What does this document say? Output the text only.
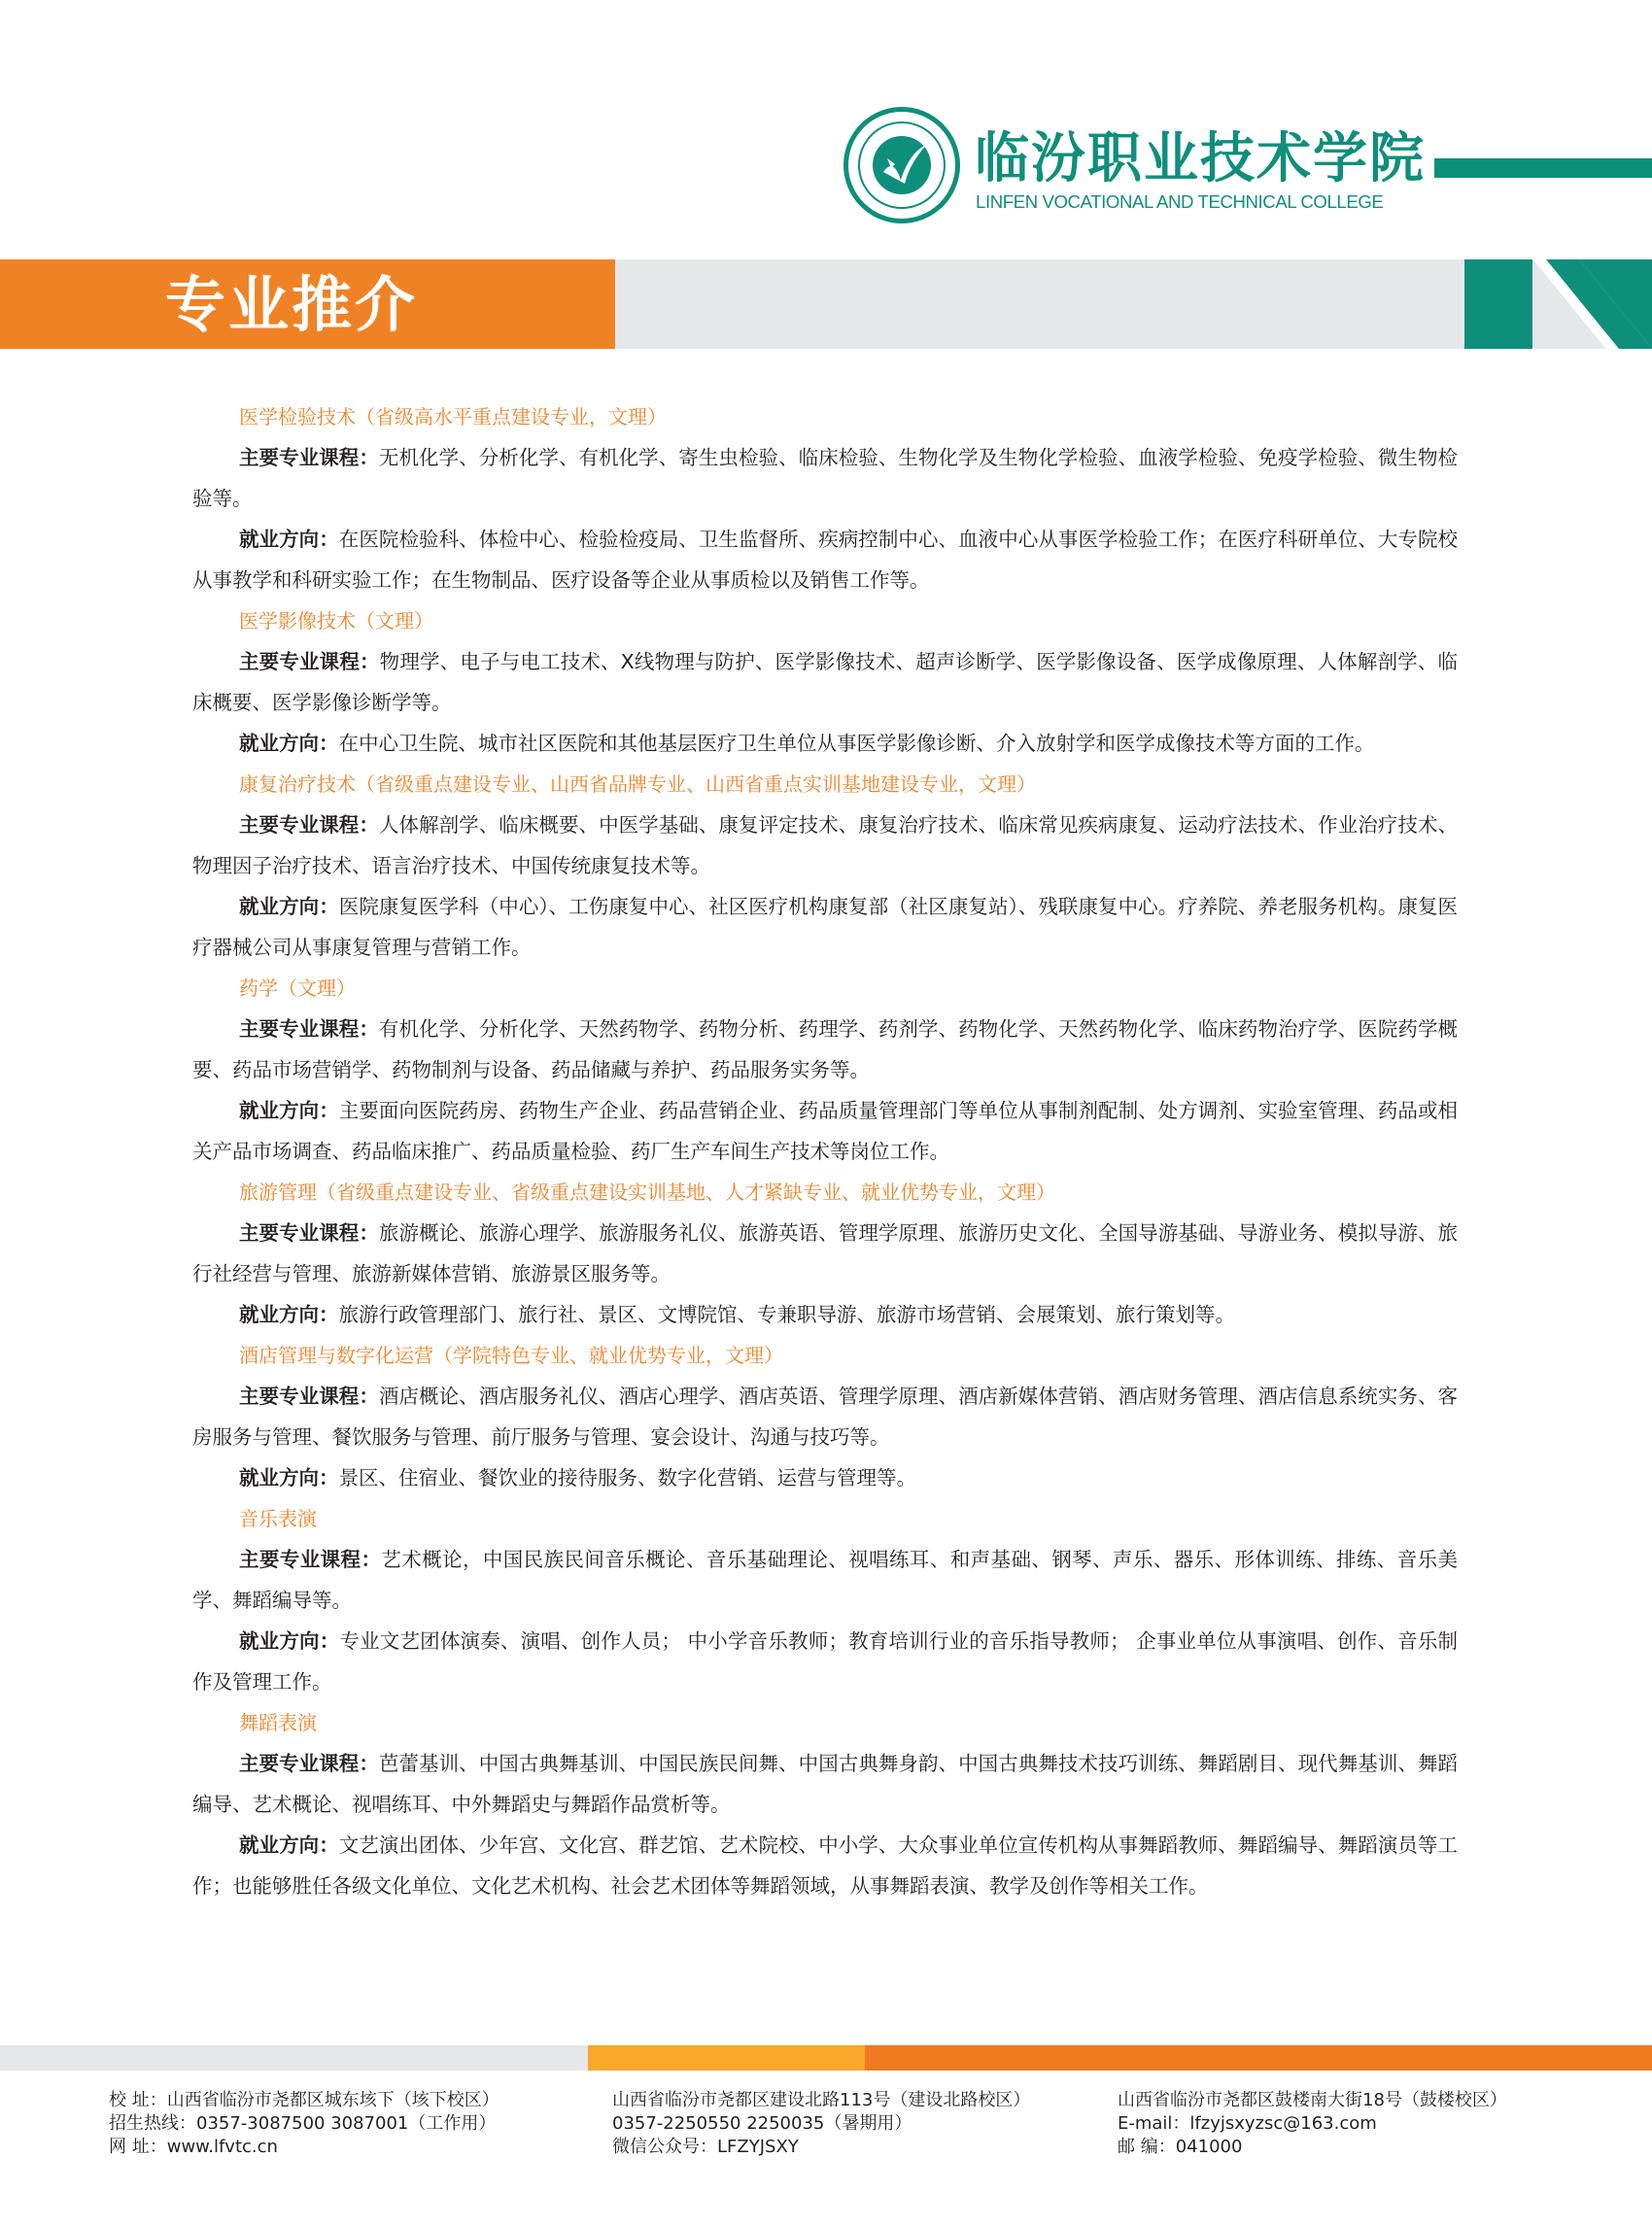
临汾职业技术学院
LINFEN VOCATIONAL AND TECHNICAL COLLEGE
专业推介
医学检验技术（省级高水平重点建设专业，文理）

主要专业课程：无机化学、分析化学、有机化学、寄生虫检验、临床检验、生物化学及生物化学检验、血液学检验、免疫学检验、微生物检验等。

就业方向：在医院检验科、体检中心、检验检疫局、卫生监督所、疾病控制中心、血液中心从事医学检验工作；在医疗科研单位、大专院校从事教学和科研实验工作；在生物制品、医疗设备等企业从事质检以及销售工作等。

医学影像技术（文理）

主要专业课程：物理学、电子与电工技术、X线物理与防护、医学影像技术、超声诊断学、医学影像设备、医学成像原理、人体解剖学、临床概要、医学影像诊断学等。

就业方向：在中心卫生院、城市社区医院和其他基层医疗卫生单位从事医学影像诊断、介入放射学和医学成像技术等方面的工作。

康复治疗技术（省级重点建设专业、山西省品牌专业、山西省重点实训基地建设专业，文理）

主要专业课程：人体解剖学、临床概要、中医学基础、康复评定技术、康复治疗技术、临床常见疾病康复、运动疗法技术、作业治疗技术、物理因子治疗技术、语言治疗技术、中国传统康复技术等。

就业方向：医院康复医学科（中心）、工伤康复中心、社区医疗机构康复部（社区康复站）、残联康复中心。疗养院、养老服务机构。康复医疗器械公司从事康复管理与营销工作。

药学（文理）

主要专业课程：有机化学、分析化学、天然药物学、药物分析、药理学、药剂学、药物化学、天然药物化学、临床药物治疗学、医院药学概要、药品市场营销学、药物制剂与设备、药品储藏与养护、药品服务实务等。

就业方向：主要面向医院药房、药物生产企业、药品营销企业、药品质量管理部门等单位从事制剂配制、处方调剂、实验室管理、药品或相关产品市场调查、药品临床推广、药品质量检验、药厂生产车间生产技术等岗位工作。

旅游管理（省级重点建设专业、省级重点建设实训基地、人才紧缺专业、就业优势专业，文理）

主要专业课程：旅游概论、旅游心理学、旅游服务礼仪、旅游英语、管理学原理、旅游历史文化、全国导游基础、导游业务、模拟导游、旅行社经营与管理、旅游新媒体营销、旅游景区服务等。

就业方向：旅游行政管理部门、旅行社、景区、文博院馆、专兼职导游、旅游市场营销、会展策划、旅行策划等。

酒店管理与数字化运营（学院特色专业、就业优势专业，文理）

主要专业课程：酒店概论、酒店服务礼仪、酒店心理学、酒店英语、管理学原理、酒店新媒体营销、酒店财务管理、酒店信息系统实务、客房服务与管理、餐饮服务与管理、前厅服务与管理、宴会设计、沟通与技巧等。

就业方向：景区、住宿业、餐饮业的接待服务、数字化营销、运营与管理等。

音乐表演

主要专业课程：艺术概论，中国民族民间音乐概论、音乐基础理论、视唱练耳、和声基础、钢琴、声乐、器乐、形体训练、排练、音乐美学、舞蹈编导等。

就业方向：专业文艺团体演奏、演唱、创作人员； 中小学音乐教师；教育培训行业的音乐指导教师； 企事业单位从事演唱、创作、音乐制作及管理工作。

舞蹈表演

主要专业课程：芭蕾基训、中国古典舞基训、中国民族民间舞、中国古典舞身韵、中国古典舞技术技巧训练、舞蹈剧目、现代舞基训、舞蹈编导、艺术概论、视唱练耳、中外舞蹈史与舞蹈作品赏析等。

就业方向：文艺演出团体、少年宫、文化宫、群艺馆、艺术院校、中小学、大众事业单位宣传机构从事舞蹈教师、舞蹈编导、舞蹈演员等工作；也能够胜任各级文化单位、文化艺术机构、社会艺术团体等舞蹈领域，从事舞蹈表演、教学及创作等相关工作。

校 址：山西省临汾市尧都区城东垓下（垓下校区）
招生热线：0357-3087500 3087001（工作用）
网 址：www.lfvtc.cn
山西省临汾市尧都区建设北路113号（建设北路校区）
0357-2250550 2250035（暑期用）
微信公众号：LFZYJSXY
山西省临汾市尧都区鼓楼南大街18号（鼓楼校区）
E-mail：lfzyjsxyzsc@163.com
邮 编：041000
